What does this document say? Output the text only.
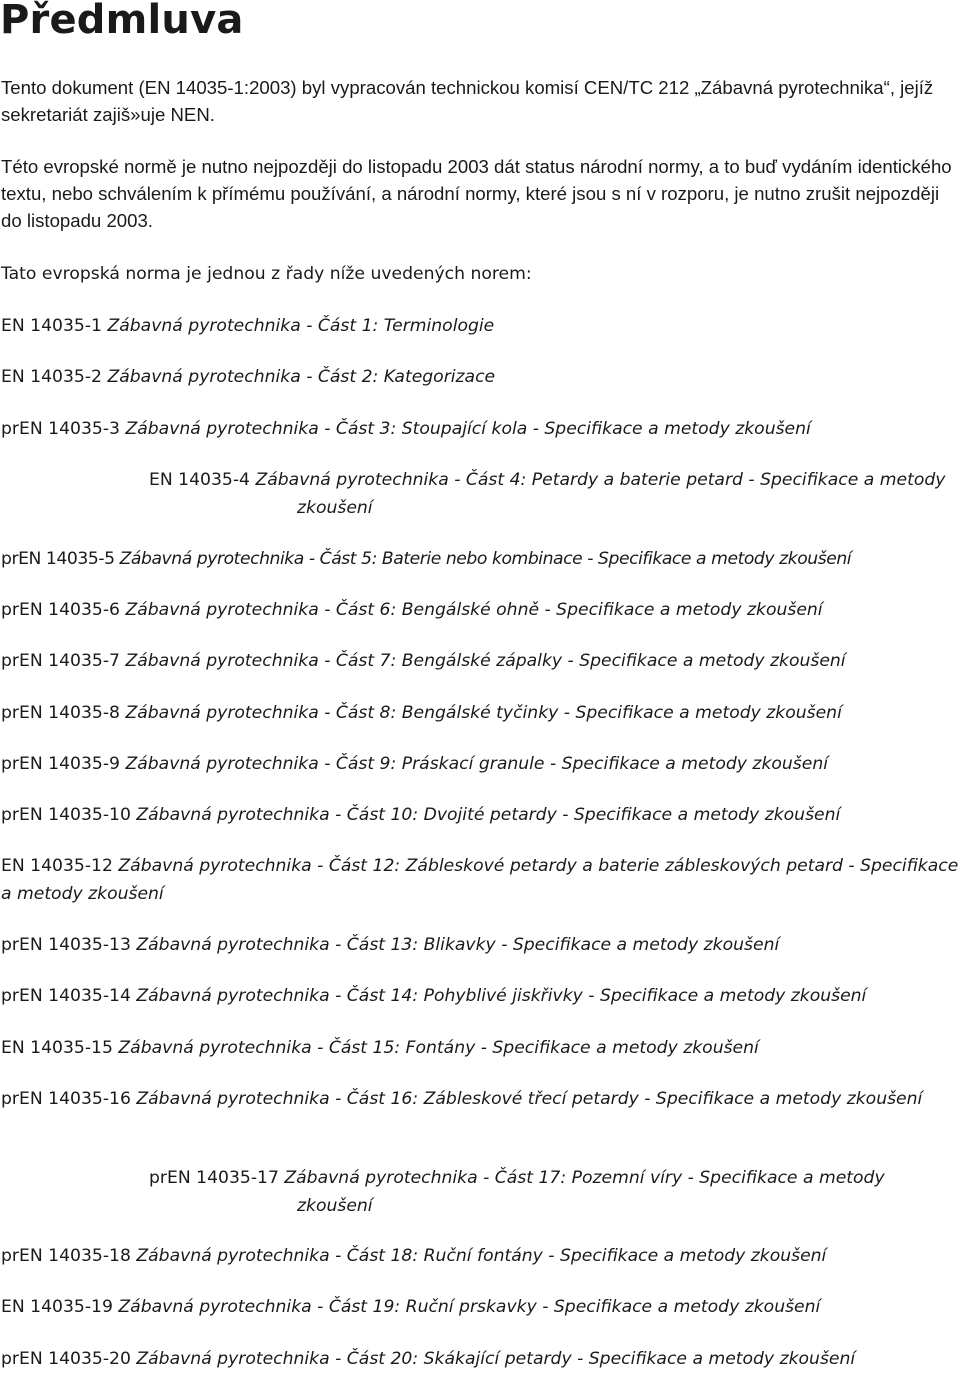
Předmluva

Tento dokument (EN 14035-1:2003) byl vypracován technickou komisí CEN/TC 212 „Zábavná pyrotechnika“, jejíž sekretariát zajiš»uje NEN.

Této evropské normě je nutno nejpozději do listopadu 2003 dát status národní normy, a to buď vydáním identického textu, nebo schválením k přímému používání, a národní normy, které jsou s ní v rozporu, je nutno zrušit nejpozději do listopadu 2003.

Tato evropská norma je jednou z řady níže uvedených norem:

EN 14035-1 Zábavná pyrotechnika - Část 1: Terminologie

EN 14035-2 Zábavná pyrotechnika - Část 2: Kategorizace

prEN 14035-3 Zábavná pyrotechnika - Část 3: Stoupající kola - Specifikace a metody zkoušení

EN 14035-4 Zábavná pyrotechnika - Část 4: Petardy a baterie petard - Specifikace a metody zkoušení

prEN 14035-5 Zábavná pyrotechnika - Část 5: Baterie nebo kombinace - Specifikace a metody zkoušení

prEN 14035-6 Zábavná pyrotechnika - Část 6: Bengálské ohně - Specifikace a metody zkoušení

prEN 14035-7 Zábavná pyrotechnika - Část 7: Bengálské zápalky - Specifikace a metody zkoušení

prEN 14035-8 Zábavná pyrotechnika - Část 8: Bengálské tyčinky - Specifikace a metody zkoušení

prEN 14035-9 Zábavná pyrotechnika - Část 9: Práskací granule - Specifikace a metody zkoušení

prEN 14035-10 Zábavná pyrotechnika - Část 10: Dvojité petardy - Specifikace a metody zkoušení

EN 14035-12 Zábavná pyrotechnika - Část 12: Zábleskové petardy a baterie zábleskových petard - Specifikace a metody zkoušení

prEN 14035-13 Zábavná pyrotechnika - Část 13: Blikavky - Specifikace a metody zkoušení

prEN 14035-14 Zábavná pyrotechnika - Část 14: Pohyblivé jiskřivky - Specifikace a metody zkoušení

EN 14035-15 Zábavná pyrotechnika - Část 15: Fontány - Specifikace a metody zkoušení

prEN 14035-16 Zábavná pyrotechnika - Část 16: Zábleskové třecí petardy - Specifikace a metody zkoušení

prEN 14035-17 Zábavná pyrotechnika - Část 17: Pozemní víry - Specifikace a metody zkoušení

prEN 14035-18 Zábavná pyrotechnika - Část 18: Ruční fontány - Specifikace a metody zkoušení

EN 14035-19 Zábavná pyrotechnika - Část 19: Ruční prskavky - Specifikace a metody zkoušení

prEN 14035-20 Zábavná pyrotechnika - Část 20: Skákající petardy - Specifikace a metody zkoušení
